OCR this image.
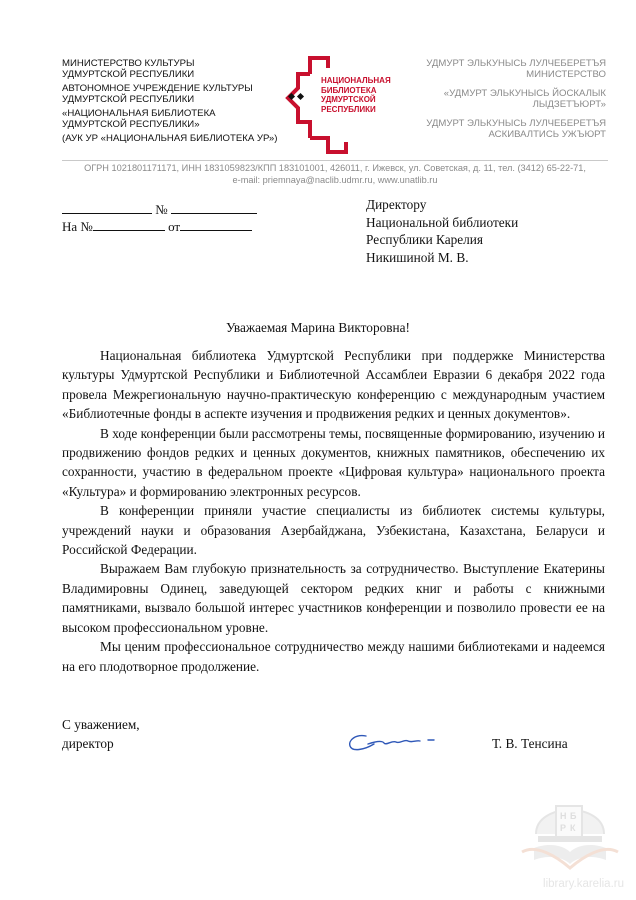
МИНИСТЕРСТВО КУЛЬТУРЫ
УДМУРТСКОЙ РЕСПУБЛИКИ
АВТОНОМНОЕ УЧРЕЖДЕНИЕ КУЛЬТУРЫ
УДМУРТСКОЙ РЕСПУБЛИКИ
«НАЦИОНАЛЬНАЯ БИБЛИОТЕКА
УДМУРТСКОЙ РЕСПУБЛИКИ»
(АУК УР «НАЦИОНАЛЬНАЯ БИБЛИОТЕКА УР»)
НАЦИОНАЛЬНАЯ
БИБЛИОТЕКА
УДМУРТСКОЙ
РЕСПУБЛИКИ
УДМУРТ ЭЛЬКУНЫСЬ ЛУЛЧЕБЕРЕТЪЯ
МИНИСТЕРСТВО
«УДМУРТ ЭЛЬКУНЫСЬ ЙОСКАЛЫК
ЛЫДЗЕТЪЮРТ»
УДМУРТ ЭЛЬКУНЫСЬ ЛУЛЧЕБЕРЕТЪЯ
АСКИВАЛТИСЬ УЖЪЮРТ
ОГРН 1021801171171, ИНН 1831059823/КПП 183101001, 426011, г. Ижевск, ул. Советская, д. 11, тел. (3412) 65-22-71,
e-mail: priemnaya@naclib.udmr.ru, www.unatlib.ru
№
На №	от
Директору
Национальной библиотеки
Республики Карелия
Никишиной М. В.
Уважаемая Марина Викторовна!

Национальная библиотека Удмуртской Республики при поддержке Министерства культуры Удмуртской Республики и Библиотечной Ассамблеи Евразии 6 декабря 2022 года провела Межрегиональную научно-практическую конференцию с международным участием «Библиотечные фонды в аспекте изучения и продвижения редких и ценных документов».

В ходе конференции были рассмотрены темы, посвященные формированию, изучению и продвижению фондов редких и ценных документов, книжных памятников, обеспечению их сохранности, участию в федеральном проекте «Цифровая культура» национального проекта «Культура» и формированию электронных ресурсов.

В конференции приняли участие специалисты из библиотек системы культуры, учреждений науки и образования Азербайджана, Узбекистана, Казахстана, Беларуси и Российской Федерации.

Выражаем Вам глубокую признательность за сотрудничество. Выступление Екатерины Владимировны Одинец, заведующей сектором редких книг и работы с книжными памятниками, вызвало большой интерес участников конференции и позволило провести ее на высоком профессиональном уровне.

Мы ценим профессиональное сотрудничество между нашими библиотеками и надеемся на его плодотворное продолжение.

С уважением,
директор	Т. В. Тенсина
Н Б
Р К
library.karelia.ru
